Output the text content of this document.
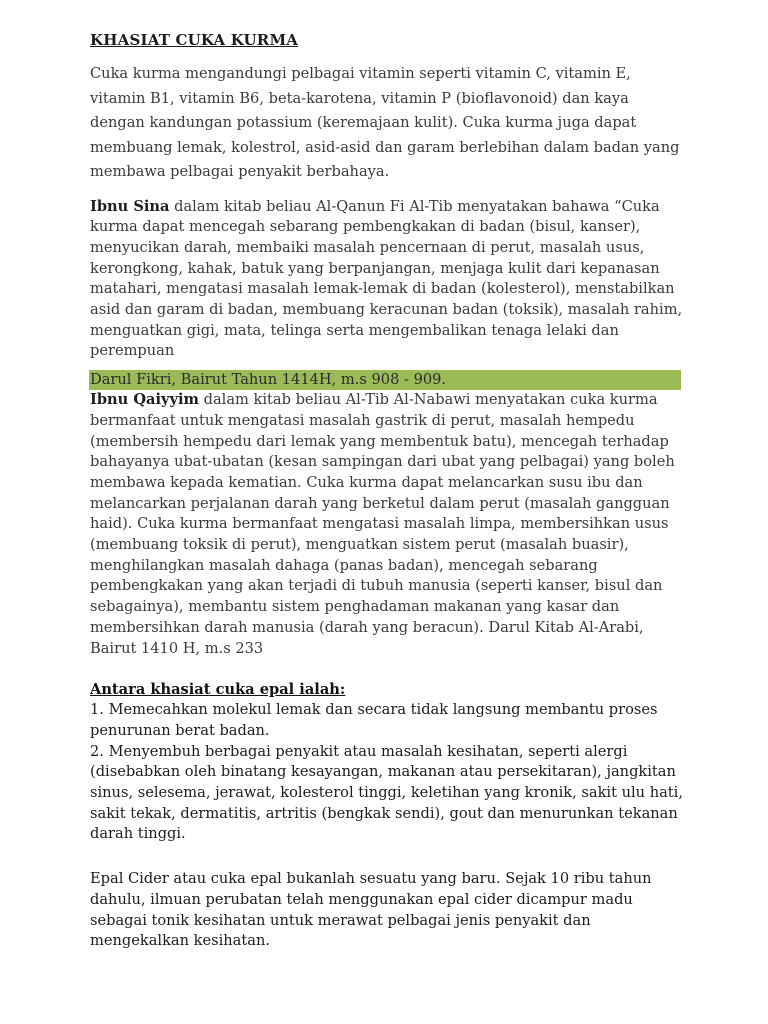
KHASIAT CUKA KURMA

Cuka kurma mengandungi pelbagai vitamin seperti vitamin C, vitamin E, vitamin B1, vitamin B6, beta-karotena, vitamin P (bioflavonoid) dan kaya dengan kandungan potassium (keremajaan kulit). Cuka kurma juga dapat membuang lemak, kolestrol, asid-asid dan garam berlebihan dalam badan yang membawa pelbagai penyakit berbahaya.

Ibnu Sina dalam kitab beliau Al-Qanun Fi Al-Tib menyatakan bahawa “Cuka kurma dapat mencegah sebarang pembengkakan di badan (bisul, kanser), menyucikan darah, membaiki masalah pencernaan di perut, masalah usus, kerongkong, kahak, batuk yang berpanjangan, menjaga kulit dari kepanasan matahari, mengatasi masalah lemak-lemak di badan (kolesterol), menstabilkan asid dan garam di badan, membuang keracunan badan (toksik), masalah rahim, menguatkan gigi, mata, telinga serta mengembalikan tenaga lelaki dan perempuan

Darul Fikri, Bairut Tahun 1414H, m.s 908 - 909.

Ibnu Qaiyyim dalam kitab beliau Al-Tib Al-Nabawi menyatakan cuka kurma bermanfaat untuk mengatasi masalah gastrik di perut, masalah hempedu (membersih hempedu dari lemak yang membentuk batu), mencegah terhadap bahayanya ubat-ubatan (kesan sampingan dari ubat yang pelbagai) yang boleh membawa kepada kematian. Cuka kurma dapat melancarkan susu ibu dan melancarkan perjalanan darah yang berketul dalam perut (masalah gangguan haid). Cuka kurma bermanfaat mengatasi masalah limpa, membersihkan usus (membuang toksik di perut), menguatkan sistem perut (masalah buasir), menghilangkan masalah dahaga (panas badan), mencegah sebarang pembengkakan yang akan terjadi di tubuh manusia (seperti kanser, bisul dan sebagainya), membantu sistem penghadaman makanan yang kasar dan membersihkan darah manusia (darah yang beracun). Darul Kitab Al-Arabi, Bairut 1410 H, m.s 233

Antara khasiat cuka epal ialah:

1. Memecahkan molekul lemak dan secara tidak langsung membantu proses penurunan berat badan.

2. Menyembuh berbagai penyakit atau masalah kesihatan, seperti alergi (disebabkan oleh binatang kesayangan, makanan atau persekitaran), jangkitan sinus, selesema, jerawat, kolesterol tinggi, keletihan yang kronik, sakit ulu hati, sakit tekak, dermatitis, artritis (bengkak sendi), gout dan menurunkan tekanan darah tinggi.

Epal Cider atau cuka epal bukanlah sesuatu yang baru. Sejak 10 ribu tahun dahulu, ilmuan perubatan telah menggunakan epal cider dicampur madu sebagai tonik kesihatan untuk merawat pelbagai jenis penyakit dan mengekalkan kesihatan.
